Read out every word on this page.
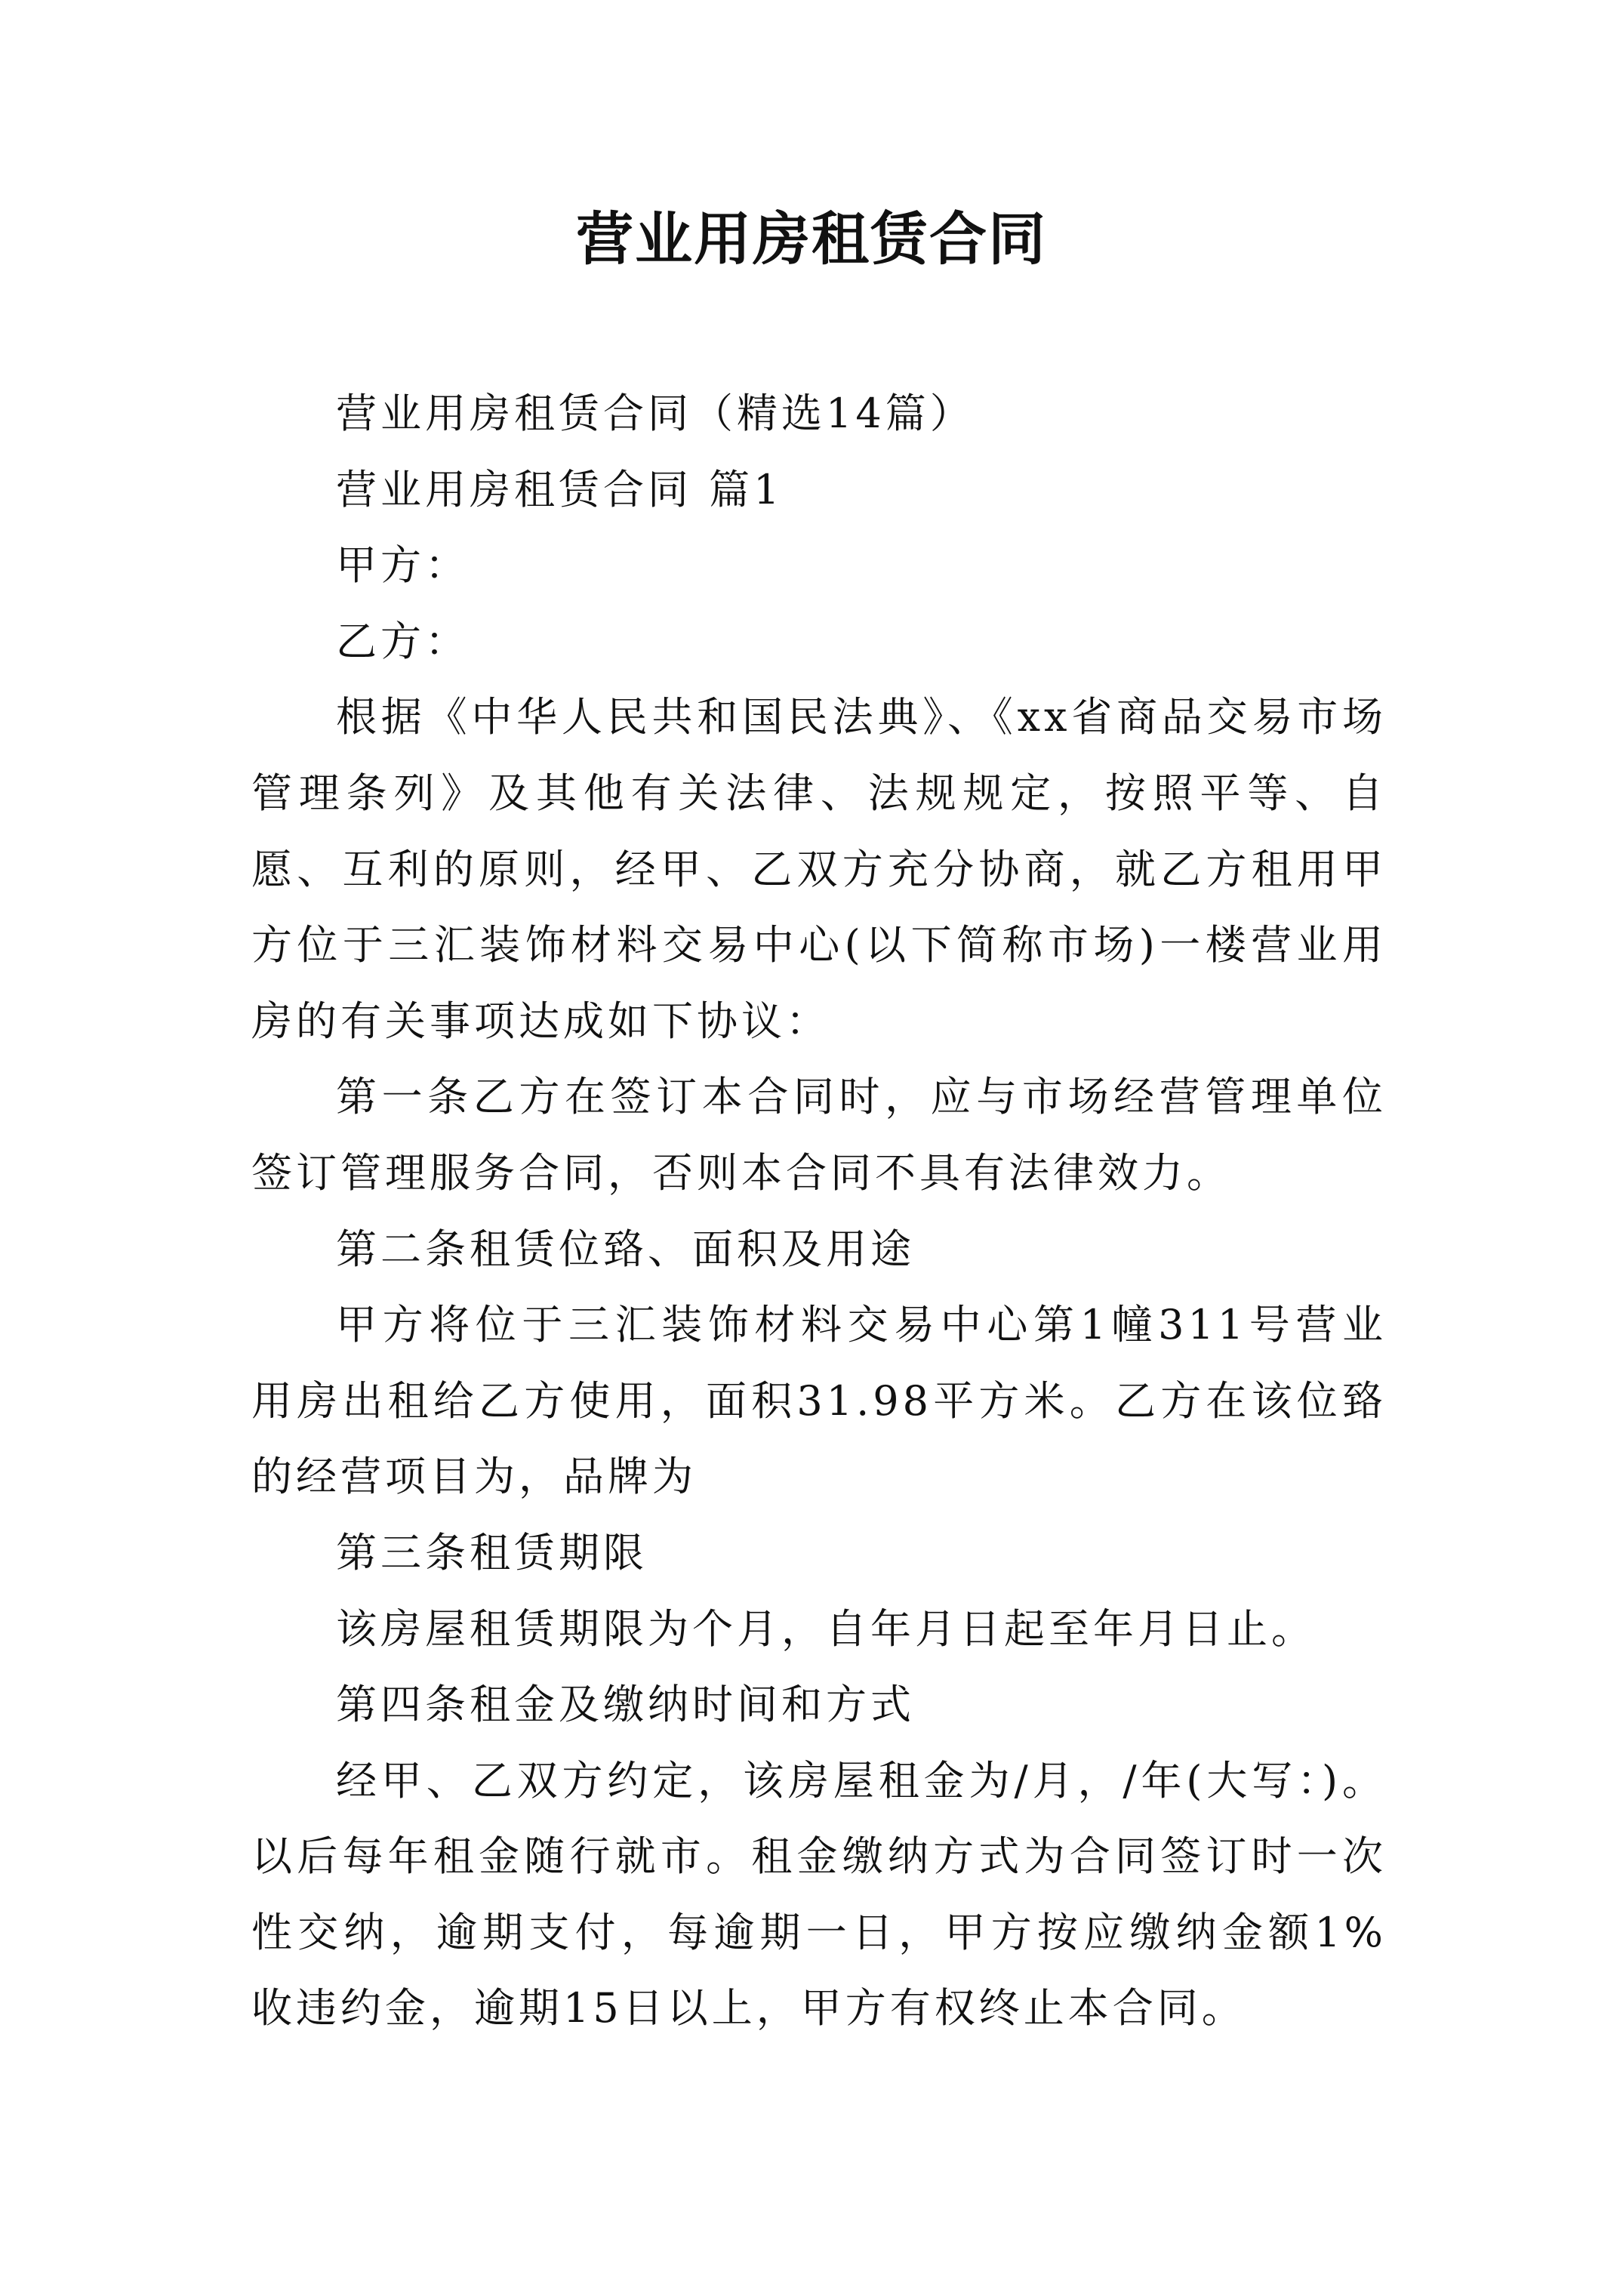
营业用房租赁合同

营业用房租赁合同（精选14篇）

营业用房租赁合同 篇1

甲方：

乙方：

根据《中华人民共和国民法典》、《xx省商品交易市场管理条列》及其他有关法律、法规规定，按照平等、自愿、互利的原则，经甲、乙双方充分协商，就乙方租用甲方位于三汇装饰材料交易中心(以下简称市场)一楼营业用房的有关事项达成如下协议：

第一条乙方在签订本合同时，应与市场经营管理单位签订管理服务合同，否则本合同不具有法律效力。

第二条租赁位臵、面积及用途

甲方将位于三汇装饰材料交易中心第1幢311号营业用房出租给乙方使用，面积31.98平方米。乙方在该位臵的经营项目为，品牌为

第三条租赁期限

该房屋租赁期限为个月，自年月日起至年月日止。

第四条租金及缴纳时间和方式

经甲、乙双方约定，该房屋租金为/月，/年(大写：)。以后每年租金随行就市。租金缴纳方式为合同签订时一次性交纳，逾期支付，每逾期一日，甲方按应缴纳金额1%收违约金，逾期15日以上，甲方有权终止本合同。
